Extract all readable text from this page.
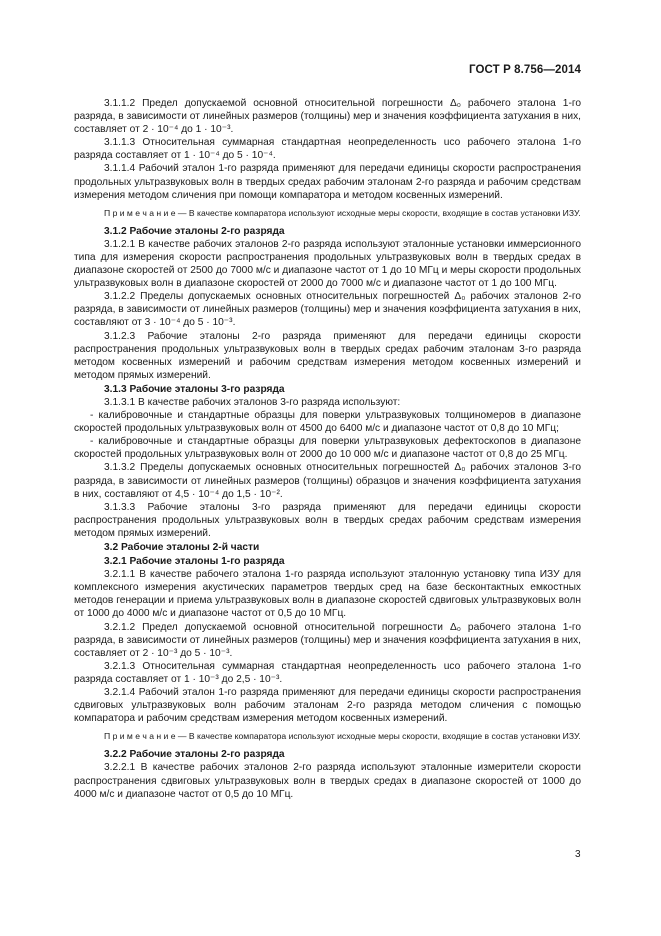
ГОСТ Р 8.756—2014

3.1.1.2 Предел допускаемой основной относительной погрешности Δ₀ рабочего эталона 1-го разряда, в зависимости от линейных размеров (толщины) мер и значения коэффициента затухания в них, составляет от 2 · 10⁻⁴ до 1 · 10⁻³.

3.1.1.3 Относительная суммарная стандартная неопределенность uсо рабочего эталона 1-го разряда составляет от 1 · 10⁻⁴ до 5 · 10⁻⁴.

3.1.1.4 Рабочий эталон 1-го разряда применяют для передачи единицы скорости распространения продольных ультразвуковых волн в твердых средах рабочим эталонам 2-го разряда и рабочим средствам измерения методом сличения при помощи компаратора и методом косвенных измерений.

П р и м е ч а н и е — В качестве компаратора используют исходные меры скорости, входящие в состав установки ИЗУ.

3.1.2 Рабочие эталоны 2-го разряда

3.1.2.1 В качестве рабочих эталонов 2-го разряда используют эталонные установки иммерсионного типа для измерения скорости распространения продольных ультразвуковых волн в твердых средах в диапазоне скоростей от 2500 до 7000 м/с и диапазоне частот от 1 до 10 МГц и меры скорости продольных ультразвуковых волн в диапазоне скоростей от 2000 до 7000 м/с и диапазоне частот от 1 до 100 МГц.

3.1.2.2 Пределы допускаемых основных относительных погрешностей Δ₀ рабочих эталонов 2-го разряда, в зависимости от линейных размеров (толщины) мер и значения коэффициента затухания в них, составляют от 3 · 10⁻⁴ до 5 · 10⁻³.

3.1.2.3 Рабочие эталоны 2-го разряда применяют для передачи единицы скорости распространения продольных ультразвуковых волн в твердых средах рабочим эталонам 3-го разряда методом косвенных измерений и рабочим средствам измерения методом косвенных измерений и методом прямых измерений.

3.1.3 Рабочие эталоны 3-го разряда

3.1.3.1 В качестве рабочих эталонов 3-го разряда используют:

- калибровочные и стандартные образцы для поверки ультразвуковых толщиномеров в диапазоне скоростей продольных ультразвуковых волн от 4500 до 6400 м/с и диапазоне частот от 0,8 до 10 МГц;

- калибровочные и стандартные образцы для поверки ультразвуковых дефектоскопов в диапазоне скоростей продольных ультразвуковых волн от 2000 до 10 000 м/с и диапазоне частот от 0,8 до 25 МГц.

3.1.3.2 Пределы допускаемых основных относительных погрешностей Δ₀ рабочих эталонов 3-го разряда, в зависимости от линейных размеров (толщины) образцов и значения коэффициента затухания в них, составляют от 4,5 · 10⁻⁴ до 1,5 · 10⁻².

3.1.3.3 Рабочие эталоны 3-го разряда применяют для передачи единицы скорости распространения продольных ультразвуковых волн в твердых средах рабочим средствам измерения методом прямых измерений.

3.2 Рабочие эталоны 2-й части

3.2.1 Рабочие эталоны 1-го разряда

3.2.1.1 В качестве рабочего эталона 1-го разряда используют эталонную установку типа ИЗУ для комплексного измерения акустических параметров твердых сред на базе бесконтактных емкостных методов генерации и приема ультразвуковых волн в диапазоне скоростей сдвиговых ультразвуковых волн от 1000 до 4000 м/с и диапазоне частот от 0,5 до 10 МГц.

3.2.1.2 Предел допускаемой основной относительной погрешности Δ₀ рабочего эталона 1-го разряда, в зависимости от линейных размеров (толщины) мер и значения коэффициента затухания в них, составляет от 2 · 10⁻³ до 5 · 10⁻³.

3.2.1.3 Относительная суммарная стандартная неопределенность uсо рабочего эталона 1-го разряда составляет от 1 · 10⁻³ до 2,5 · 10⁻³.

3.2.1.4 Рабочий эталон 1-го разряда применяют для передачи единицы скорости распространения сдвиговых ультразвуковых волн рабочим эталонам 2-го разряда методом сличения с помощью компаратора и рабочим средствам измерения методом косвенных измерений.

П р и м е ч а н и е — В качестве компаратора используют исходные меры скорости, входящие в состав установки ИЗУ.

3.2.2 Рабочие эталоны 2-го разряда

3.2.2.1 В качестве рабочих эталонов 2-го разряда используют эталонные измерители скорости распространения сдвиговых ультразвуковых волн в твердых средах в диапазоне скоростей от 1000 до 4000 м/с и диапазоне частот от 0,5 до 10 МГц.

3
